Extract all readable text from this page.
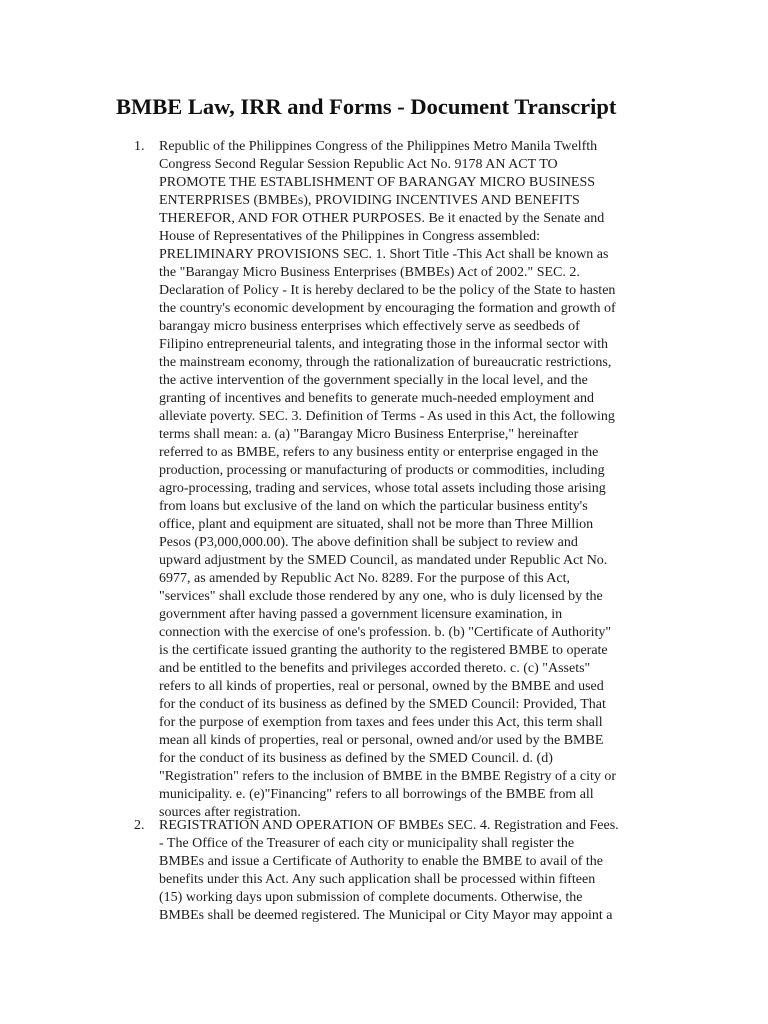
BMBE Law, IRR and Forms - Document Transcript
1.	Republic of the Philippines Congress of the Philippines Metro Manila Twelfth
Congress Second Regular Session Republic Act No. 9178 AN ACT TO
PROMOTE THE ESTABLISHMENT OF BARANGAY MICRO BUSINESS
ENTERPRISES (BMBEs), PROVIDING INCENTIVES AND BENEFITS
THEREFOR, AND FOR OTHER PURPOSES. Be it enacted by the Senate and
House of Representatives of the Philippines in Congress assembled:
PRELIMINARY PROVISIONS SEC. 1. Short Title -This Act shall be known as
the "Barangay Micro Business Enterprises (BMBEs) Act of 2002." SEC. 2.
Declaration of Policy - It is hereby declared to be the policy of the State to hasten
the country's economic development by encouraging the formation and growth of
barangay micro business enterprises which effectively serve as seedbeds of
Filipino entrepreneurial talents, and integrating those in the informal sector with
the mainstream economy, through the rationalization of bureaucratic restrictions,
the active intervention of the government specially in the local level, and the
granting of incentives and benefits to generate much-needed employment and
alleviate poverty. SEC. 3. Definition of Terms - As used in this Act, the following
terms shall mean: a. (a) "Barangay Micro Business Enterprise," hereinafter
referred to as BMBE, refers to any business entity or enterprise engaged in the
production, processing or manufacturing of products or commodities, including
agro-processing, trading and services, whose total assets including those arising
from loans but exclusive of the land on which the particular business entity's
office, plant and equipment are situated, shall not be more than Three Million
Pesos (P3,000,000.00). The above definition shall be subject to review and
upward adjustment by the SMED Council, as mandated under Republic Act No.
6977, as amended by Republic Act No. 8289. For the purpose of this Act,
"services" shall exclude those rendered by any one, who is duly licensed by the
government after having passed a government licensure examination, in
connection with the exercise of one's profession. b. (b) "Certificate of Authority"
is the certificate issued granting the authority to the registered BMBE to operate
and be entitled to the benefits and privileges accorded thereto. c. (c) "Assets"
refers to all kinds of properties, real or personal, owned by the BMBE and used
for the conduct of its business as defined by the SMED Council: Provided, That
for the purpose of exemption from taxes and fees under this Act, this term shall
mean all kinds of properties, real or personal, owned and/or used by the BMBE
for the conduct of its business as defined by the SMED Council. d. (d)
"Registration" refers to the inclusion of BMBE in the BMBE Registry of a city or
municipality. e. (e)"Financing" refers to all borrowings of the BMBE from all
sources after registration.
2.	REGISTRATION AND OPERATION OF BMBEs SEC. 4. Registration and Fees.
- The Office of the Treasurer of each city or municipality shall register the
BMBEs and issue a Certificate of Authority to enable the BMBE to avail of the
benefits under this Act. Any such application shall be processed within fifteen
(15) working days upon submission of complete documents. Otherwise, the
BMBEs shall be deemed registered. The Municipal or City Mayor may appoint a
